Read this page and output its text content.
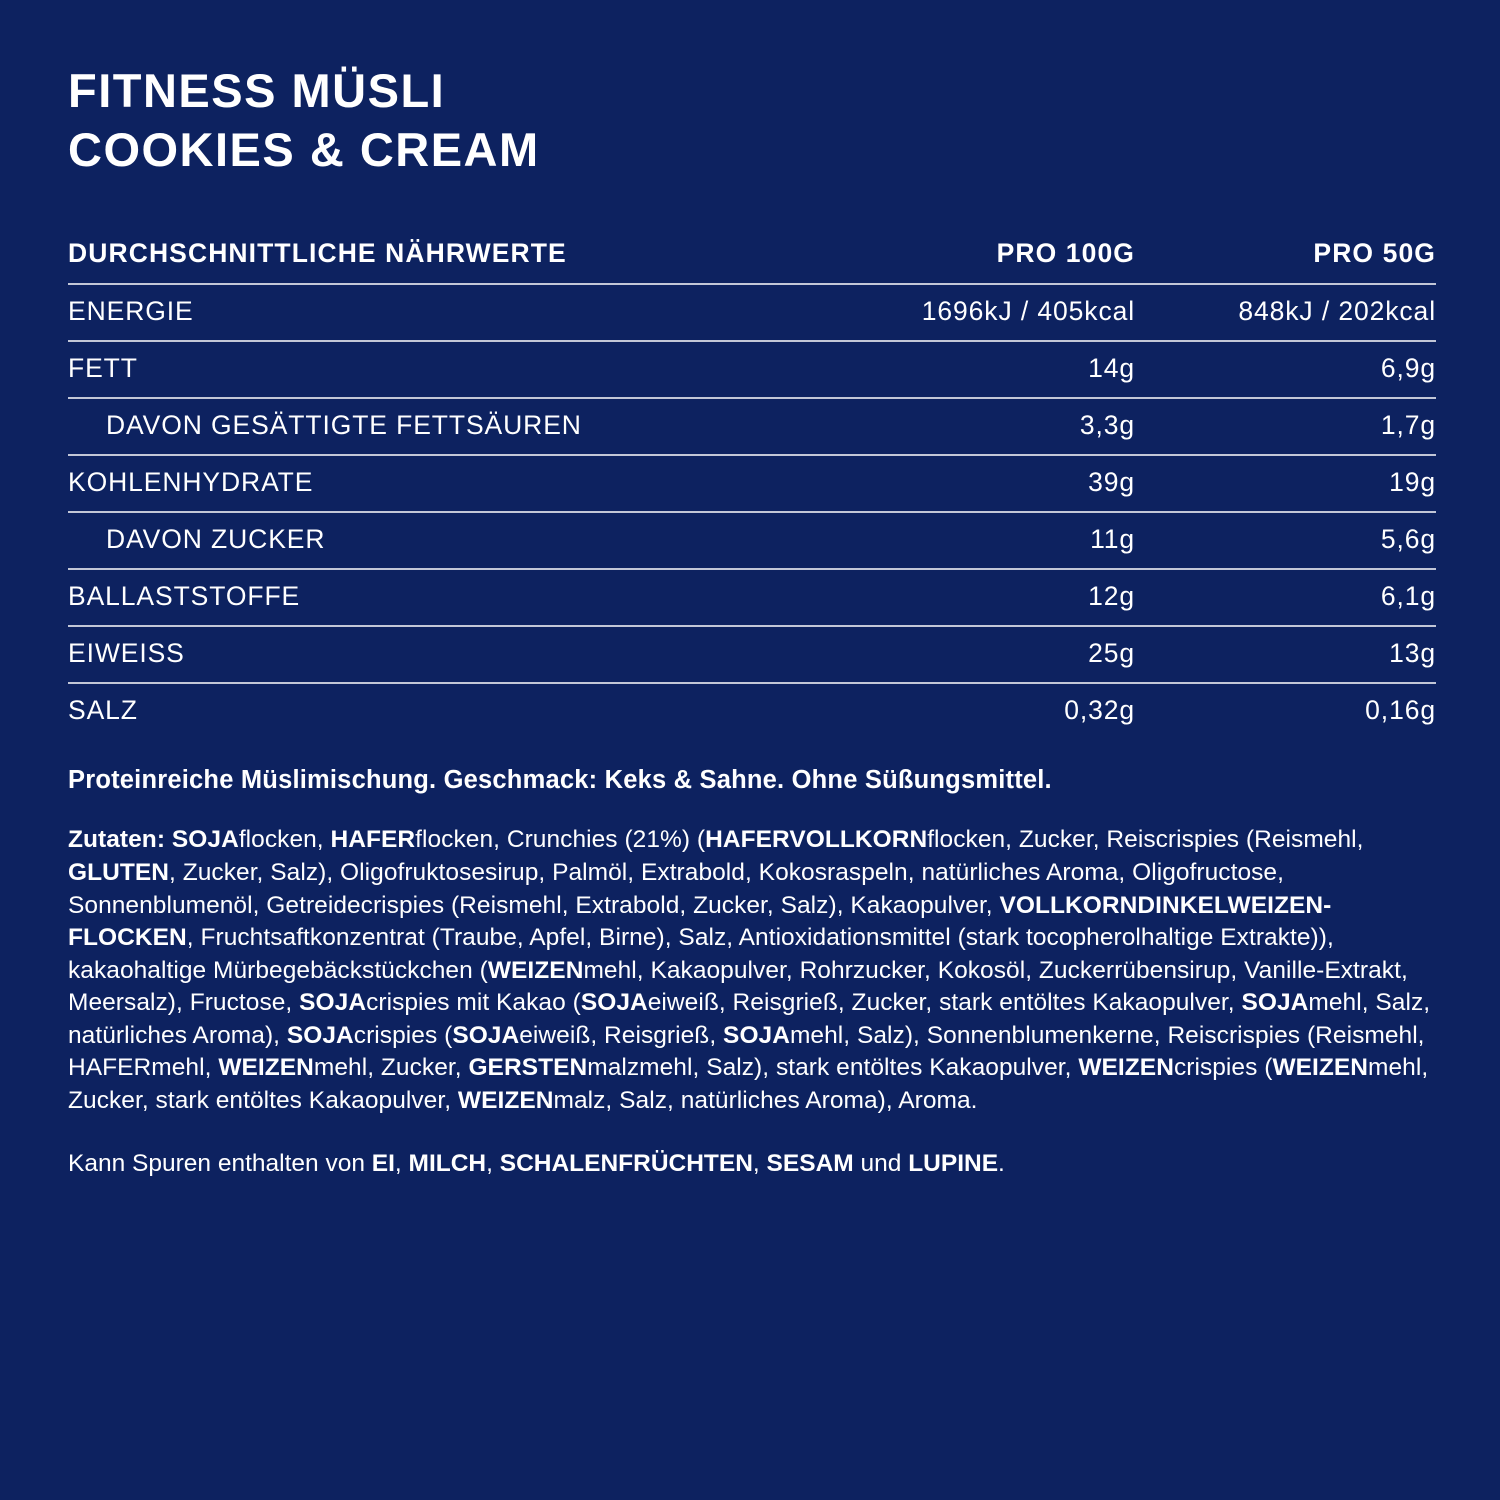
FITNESS MÜSLI
COOKIES & CREAM
DURCHSCHNITTLICHE NÄHRWERTE	PRO 100G	PRO 50G
ENERGIE	1696kJ / 405kcal	848kJ / 202kcal
FETT	14g	6,9g
DAVON GESÄTTIGTE FETTSÄUREN	3,3g	1,7g
KOHLENHYDRATE	39g	19g
DAVON ZUCKER	11g	5,6g
BALLASTSTOFFE	12g	6,1g
EIWEISS	25g	13g
SALZ	0,32g	0,16g

Proteinreiche Müslimischung. Geschmack: Keks & Sahne. Ohne Süßungsmittel.

Zutaten: SOJAflocken, HAFERflocken, Crunchies (21%) (HAFERVOLLKORNflocken, Zucker, Reiscrispies (Reismehl, GLUTEN, Zucker, Salz), Oligofruktosesirup, Palmöl, Extrabold, Kokosraspeln, natürliches Aroma, Oligofructose, Sonnenblumenöl, Getreidecrispies (Reismehl, Extrabold, Zucker, Salz), Kakaopulver, VOLLKORNDINKELWEIZEN-FLOCKEN, Fruchtsaftkonzentrat (Traube, Apfel, Birne), Salz, Antioxidationsmittel (stark tocopherolhaltige Extrakte)), kakaohaltige Mürbegebäckstückchen (WEIZENmehl, Kakaopulver, Rohrzucker, Kokosöl, Zuckerrübensirup, Vanille-Extrakt, Meersalz), Fructose, SOJAcrispies mit Kakao (SOJAeiweiß, Reisgrieß, Zucker, stark entöltes Kakaopulver, SOJAmehl, Salz, natürliches Aroma), SOJAcrispies (SOJAeiweiß, Reisgrieß, SOJAmehl, Salz), Sonnenblumenkerne, Reiscrispies (Reismehl, HAFERmehl, WEIZENmehl, Zucker, GERSTENmalzmehl, Salz), stark entöltes Kakaopulver, WEIZENcrispies (WEIZENmehl, Zucker, stark entöltes Kakaopulver, WEIZENmalz, Salz, natürliches Aroma), Aroma.

Kann Spuren enthalten von EI, MILCH, SCHALENFRÜCHTEN, SESAM und LUPINE.
